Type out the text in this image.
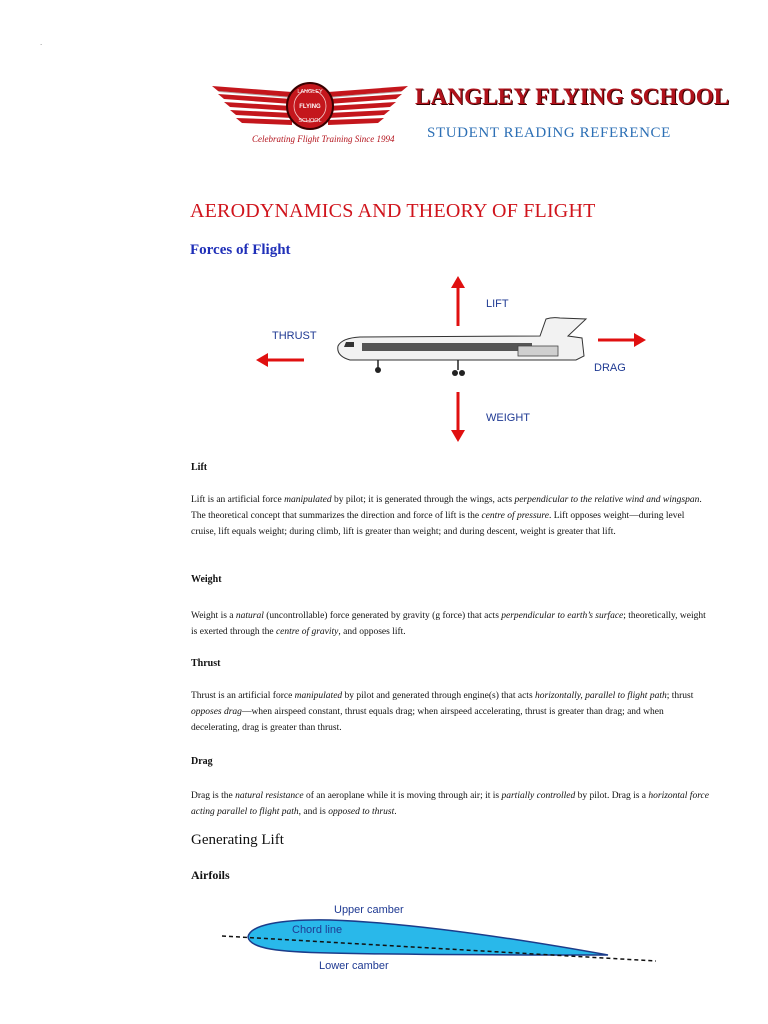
.
LANGLEY
FLYING
SCHOOL
LANGLEY FLYING SCHOOL
STUDENT READING REFERENCE
Celebrating Flight Training Since 1994
AERODYNAMICS AND THEORY OF FLIGHT
Forces of Flight
LIFT
THRUST
DRAG
WEIGHT
Lift
Lift is an artificial force manipulated by pilot; it is generated through the wings, acts perpendicular to the relative wind and wingspan. The theoretical concept that summarizes the direction and force of lift is the centre of pressure. Lift opposes weight—during level cruise, lift equals weight; during climb, lift is greater than weight; and during descent, weight is greater that lift.
Weight
Weight is a natural (uncontrollable) force generated by gravity (g force) that acts perpendicular to earth’s surface; theoretically, weight is exerted through the centre of gravity, and opposes lift.
Thrust
Thrust is an artificial force manipulated by pilot and generated through engine(s) that acts horizontally, parallel to flight path; thrust opposes drag—when airspeed constant, thrust equals drag; when airspeed accelerating, thrust is greater than drag; and when decelerating, drag is greater than thrust.
Drag
Drag is the natural resistance of an aeroplane while it is moving through air; it is partially controlled by pilot. Drag is a horizontal force acting parallel to flight path, and is opposed to thrust.
Generating Lift
Airfoils
Upper camber
Chord line
Lower camber
